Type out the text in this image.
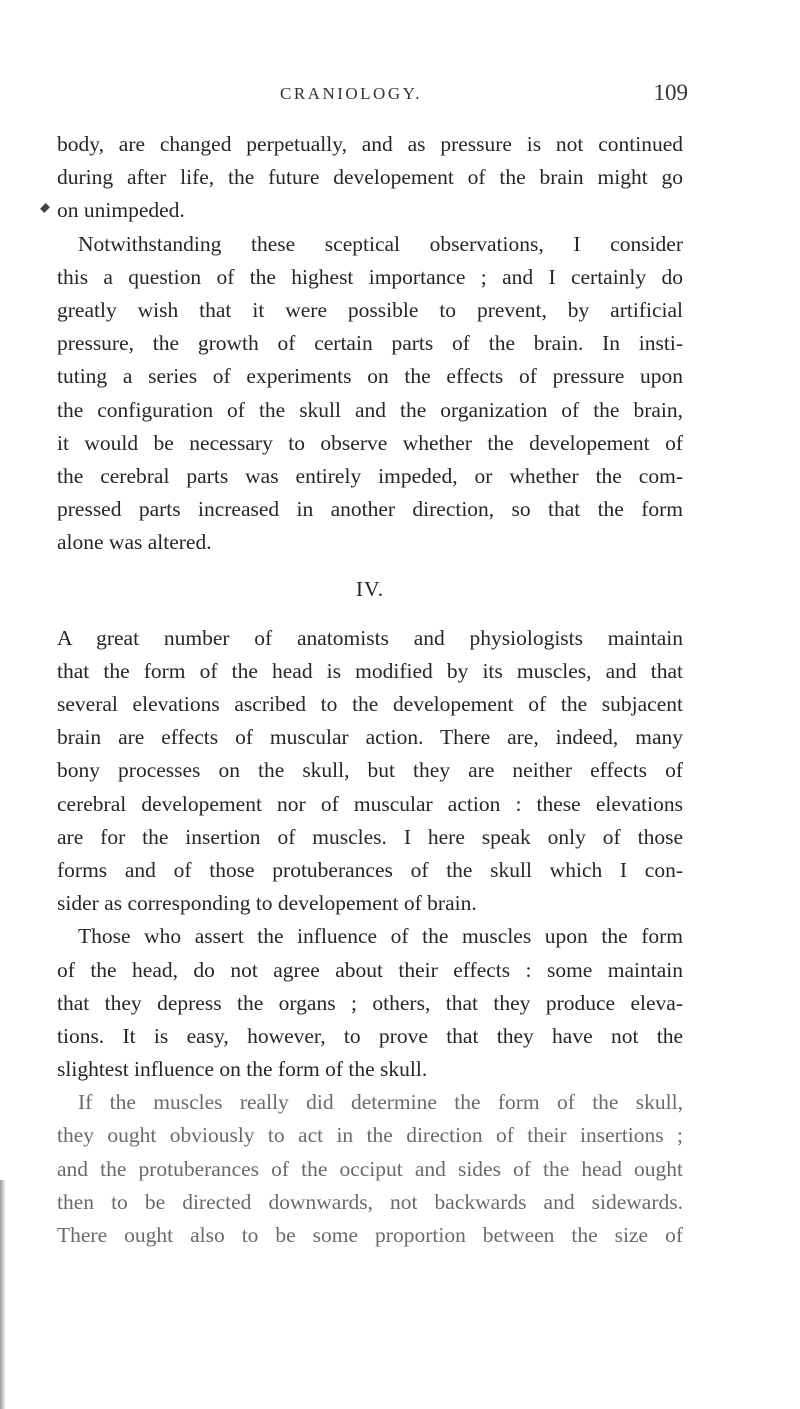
CRANIOLOGY.	109
body, are changed perpetually, and as pressure is not continued
during after life, the future developement of the brain might go
on unimpeded.
Notwithstanding these sceptical observations, I consider
this a question of the highest importance ; and I certainly do
greatly wish that it were possible to prevent, by artificial
pressure, the growth of certain parts of the brain. In insti-
tuting a series of experiments on the effects of pressure upon
the configuration of the skull and the organization of the brain,
it would be necessary to observe whether the developement of
the cerebral parts was entirely impeded, or whether the com-
pressed parts increased in another direction, so that the form
alone was altered.
IV.
A great number of anatomists and physiologists maintain
that the form of the head is modified by its muscles, and that
several elevations ascribed to the developement of the subjacent
brain are effects of muscular action. There are, indeed, many
bony processes on the skull, but they are neither effects of
cerebral developement nor of muscular action : these elevations
are for the insertion of muscles. I here speak only of those
forms and of those protuberances of the skull which I con-
sider as corresponding to developement of brain.
Those who assert the influence of the muscles upon the form
of the head, do not agree about their effects : some maintain
that they depress the organs ; others, that they produce eleva-
tions. It is easy, however, to prove that they have not the
slightest influence on the form of the skull.
If the muscles really did determine the form of the skull,
they ought obviously to act in the direction of their insertions ;
and the protuberances of the occiput and sides of the head ought
then to be directed downwards, not backwards and sidewards.
There ought also to be some proportion between the size of
